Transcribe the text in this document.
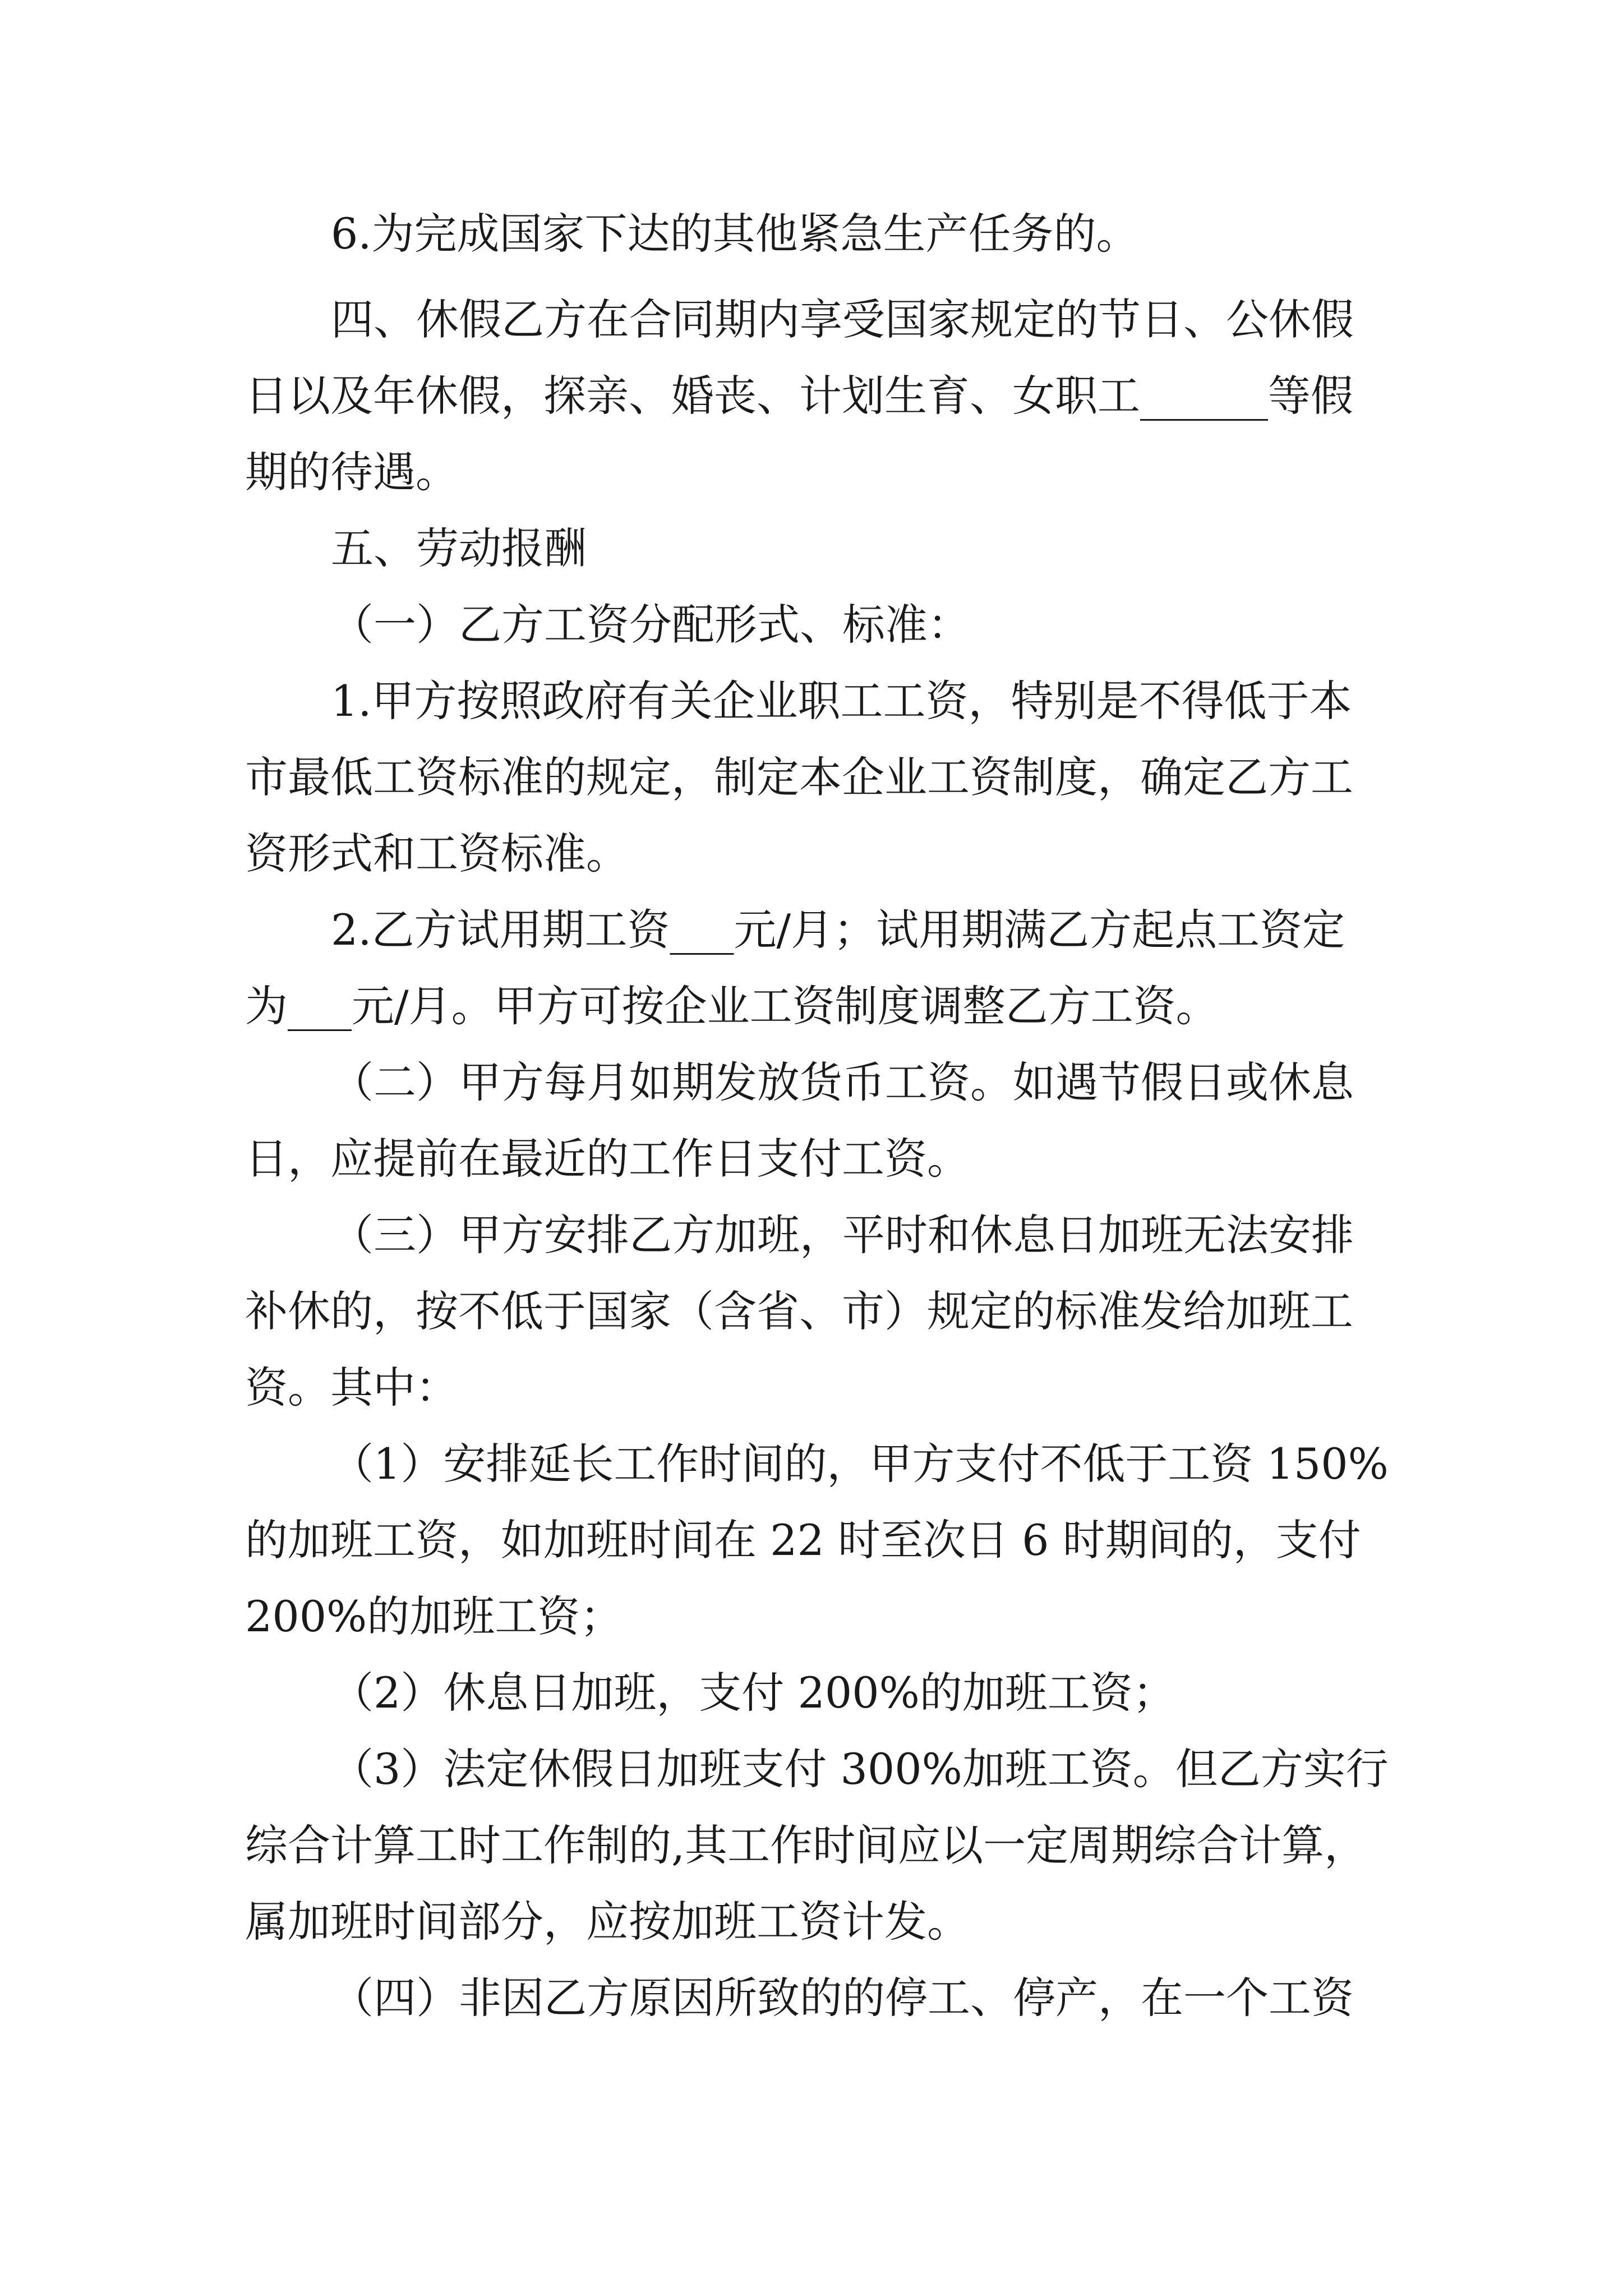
6.为完成国家下达的其他紧急生产任务的。
四、休假乙方在合同期内享受国家规定的节日、公休假
日以及年休假，探亲、婚丧、计划生育、女职工______等假
期的待遇。
五、劳动报酬
（一）乙方工资分配形式、标准：
1.甲方按照政府有关企业职工工资，特别是不得低于本
市最低工资标准的规定，制定本企业工资制度，确定乙方工
资形式和工资标准。
2.乙方试用期工资___元/月；试用期满乙方起点工资定
为___元/月。甲方可按企业工资制度调整乙方工资。
（二）甲方每月如期发放货币工资。如遇节假日或休息
日，应提前在最近的工作日支付工资。
（三）甲方安排乙方加班，平时和休息日加班无法安排
补休的，按不低于国家（含省、市）规定的标准发给加班工
资。其中：
（1）安排延长工作时间的，甲方支付不低于工资 150%
的加班工资，如加班时间在 22 时至次日 6 时期间的，支付
200%的加班工资；
（2）休息日加班，支付 200%的加班工资；
（3）法定休假日加班支付 300%加班工资。但乙方实行
综合计算工时工作制的,其工作时间应以一定周期综合计算，
属加班时间部分，应按加班工资计发。
（四）非因乙方原因所致的的停工、停产，在一个工资
